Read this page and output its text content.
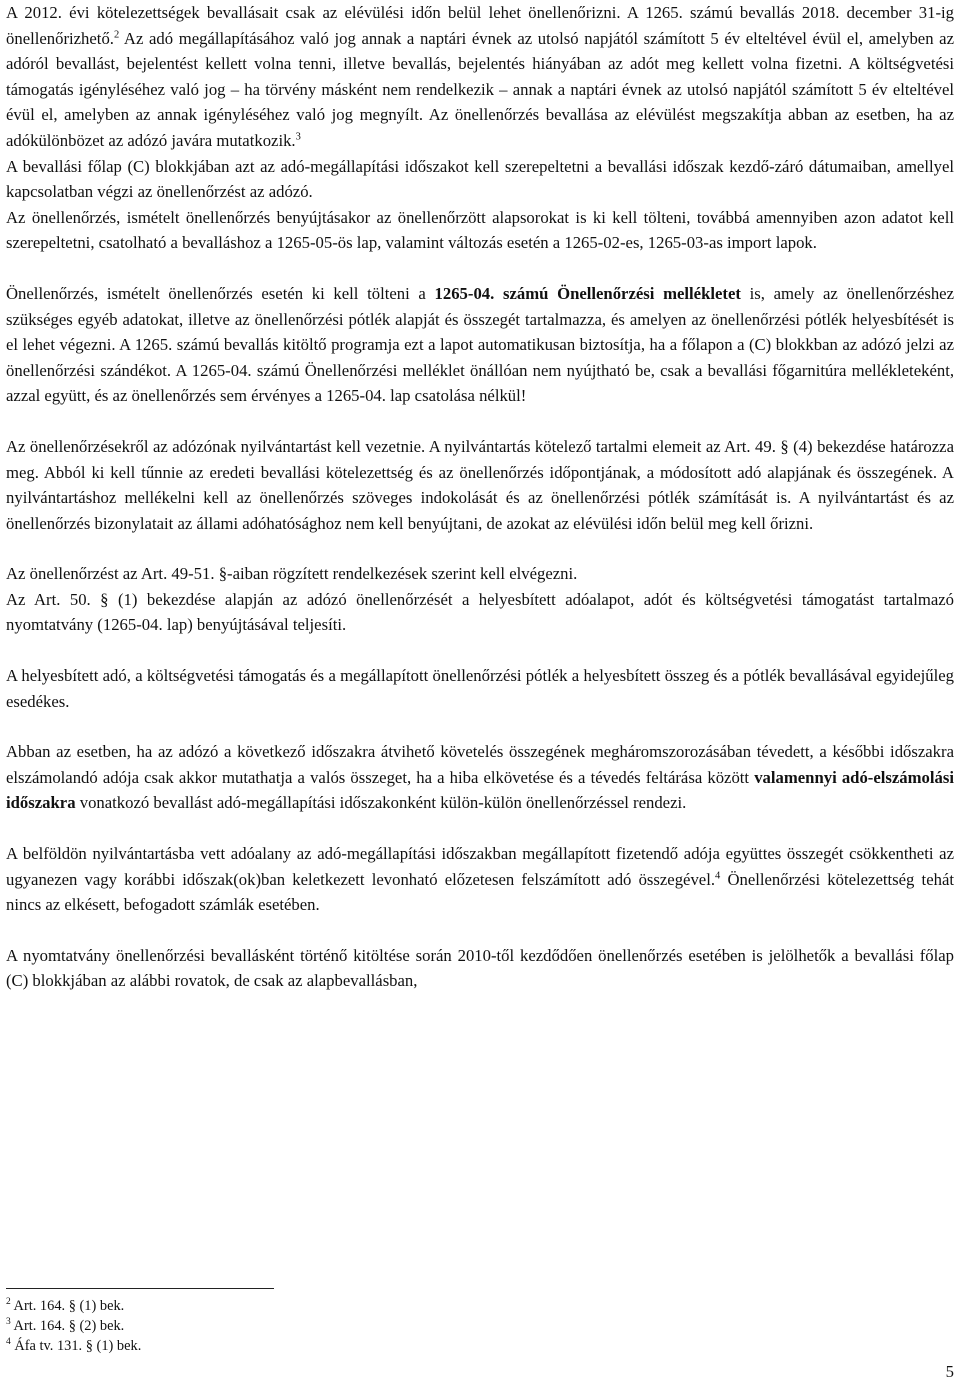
A 2012. évi kötelezettségek bevallásait csak az elévülési időn belül lehet önellenőrizni. A 1265. számú bevallás 2018. december 31-ig önellenőrizhető.$^2$ Az adó megállapításához való jog annak a naptári évnek az utolsó napjától számított 5 év elteltével évül el, amelyben az adóról bevallást, bejelentést kellett volna tenni, illetve bevallás, bejelentés hiányában az adót meg kellett volna fizetni. A költségvetési támogatás igényléséhez való jog – ha törvény másként nem rendelkezik – annak a naptári évnek az utolsó napjától számított 5 év elteltével évül el, amelyben az annak igényléséhez való jog megnyílt. Az önellenőrzés bevallása az elévülést megszakítja abban az esetben, ha az adókülönbözet az adózó javára mutatkozik.$^3$

A bevallási főlap (C) blokkjában azt az adó-megállapítási időszakot kell szerepeltetni a bevallási időszak kezdő-záró dátumaiban, amellyel kapcsolatban végzi az önellenőrzést az adózó.

Az önellenőrzés, ismételt önellenőrzés benyújtásakor az önellenőrzött alapsorokat is ki kell tölteni, továbbá amennyiben azon adatot kell szerepeltetni, csatolható a bevalláshoz a 1265-05-ös lap, valamint változás esetén a 1265-02-es, 1265-03-as import lapok.

Önellenőrzés, ismételt önellenőrzés esetén ki kell tölteni a 1265-04. számú Önellenőrzési mellékletet is, amely az önellenőrzéshez szükséges egyéb adatokat, illetve az önellenőrzési pótlék alapját és összegét tartalmazza, és amelyen az önellenőrzési pótlék helyesbítését is el lehet végezni. A 1265. számú bevallás kitöltő programja ezt a lapot automatikusan biztosítja, ha a főlapon a (C) blokkban az adózó jelzi az önellenőrzési szándékot. A 1265-04. számú Önellenőrzési melléklet önállóan nem nyújtható be, csak a bevallási főgarnitúra mellékleteként, azzal együtt, és az önellenőrzés sem érvényes a 1265-04. lap csatolása nélkül!

Az önellenőrzésekről az adózónak nyilvántartást kell vezetnie. A nyilvántartás kötelező tartalmi elemeit az Art. 49. § (4) bekezdése határozza meg. Abból ki kell tűnnie az eredeti bevallási kötelezettség és az önellenőrzés időpontjának, a módosított adó alapjának és összegének. A nyilvántartáshoz mellékelni kell az önellenőrzés szöveges indokolását és az önellenőrzési pótlék számítását is. A nyilvántartást és az önellenőrzés bizonylatait az állami adóhatósághoz nem kell benyújtani, de azokat az elévülési időn belül meg kell őrizni.

Az önellenőrzést az Art. 49-51. §-aiban rögzített rendelkezések szerint kell elvégezni.

Az Art. 50. § (1) bekezdése alapján az adózó önellenőrzését a helyesbített adóalapot, adót és költségvetési támogatást tartalmazó nyomtatvány (1265-04. lap) benyújtásával teljesíti.

A helyesbített adó, a költségvetési támogatás és a megállapított önellenőrzési pótlék a helyesbített összeg és a pótlék bevallásával egyidejűleg esedékes.

Abban az esetben, ha az adózó a következő időszakra átvihető követelés összegének megháromszorozásában tévedett, a későbbi időszakra elszámolandó adója csak akkor mutathatja a valós összeget, ha a hiba elkövetése és a tévedés feltárása között valamennyi adó-elszámolási időszakra vonatkozó bevallást adó-megállapítási időszakonként külön-külön önellenőrzéssel rendezi.

A belföldön nyilvántartásba vett adóalany az adó-megállapítási időszakban megállapított fizetendő adója együttes összegét csökkentheti az ugyanezen vagy korábbi időszak(ok)ban keletkezett levonható előzetesen felszámított adó összegével.$^4$ Önellenőrzési kötelezettség tehát nincs az elkésett, befogadott számlák esetében.

A nyomtatvány önellenőrzési bevallásként történő kitöltése során 2010-től kezdődően önellenőrzés esetében is jelölhetők a bevallási főlap (C) blokkjában az alábbi rovatok, de csak az alapbevallásban,

$^2$ Art. 164. § (1) bek.

$^3$ Art. 164. § (2) bek.

$^4$ Áfa tv. 131. § (1) bek.

5
